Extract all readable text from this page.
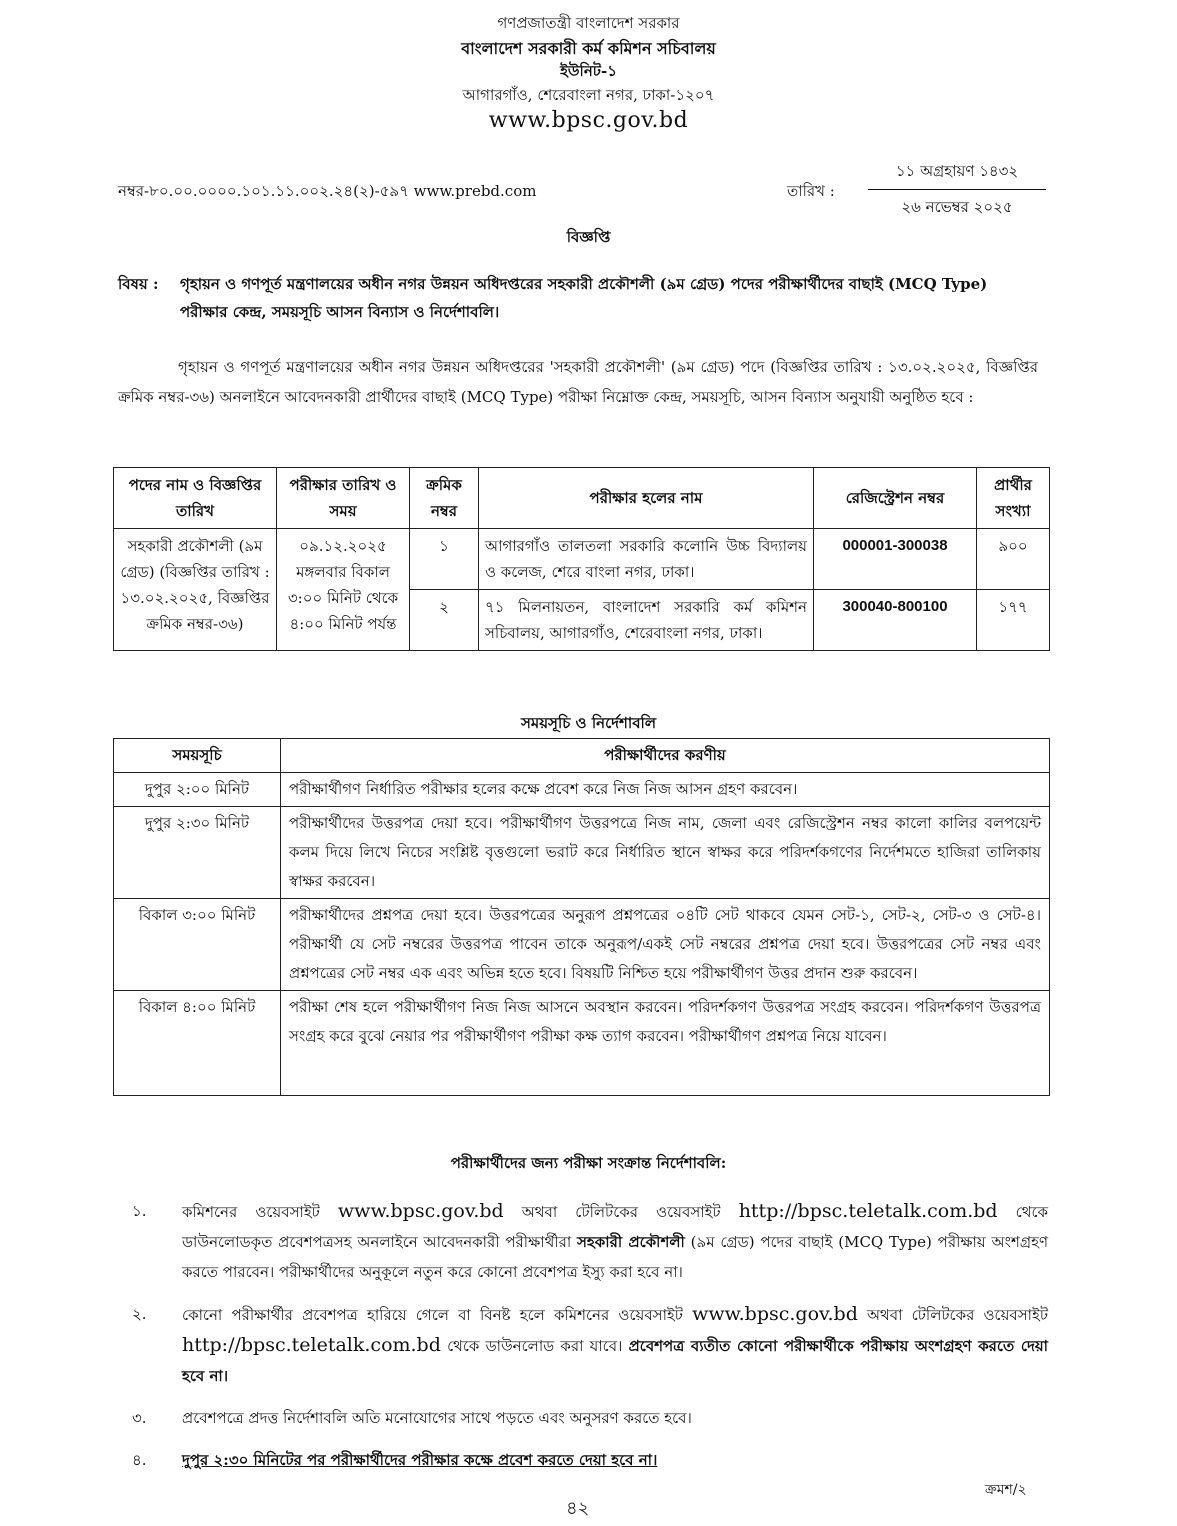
গণপ্রজাতন্ত্রী বাংলাদেশ সরকার
বাংলাদেশ সরকারী কর্ম কমিশন সচিবালয়
ইউনিট-১
আগারগাঁও, শেরেবাংলা নগর, ঢাকা-১২০৭
www.bpsc.gov.bd
নম্বর-৮০.০০.০০০০.১০১.১১.০০২.২৪(২)-৫৯৭ www.prebd.com	তারিখ :
১১ অগ্রহায়ণ ১৪৩২
২৬ নভেম্বর ২০২৫
বিজ্ঞপ্তি
বিষয় :	গৃহায়ন ও গণপূর্ত মন্ত্রণালয়ের অধীন নগর উন্নয়ন অধিদপ্তরের সহকারী প্রকৌশলী (৯ম গ্রেড) পদের পরীক্ষার্থীদের বাছাই (MCQ Type) পরীক্ষার কেন্দ্র, সময়সূচি আসন বিন্যাস ও নির্দেশাবলি।
গৃহায়ন ও গণপূর্ত মন্ত্রণালয়ের অধীন নগর উন্নয়ন অধিদপ্তরের 'সহকারী প্রকৌশলী' (৯ম গ্রেড) পদে (বিজ্ঞপ্তির তারিখ : ১৩.০২.২০২৫, বিজ্ঞপ্তির ক্রমিক নম্বর-৩৬) অনলাইনে আবেদনকারী প্রার্থীদের বাছাই (MCQ Type) পরীক্ষা নিম্নোক্ত কেন্দ্র, সময়সূচি, আসন বিন্যাস অনুযায়ী অনুষ্ঠিত হবে :
পদের নাম ও বিজ্ঞপ্তির তারিখ	পরীক্ষার তারিখ ও সময়	ক্রমিক নম্বর	পরীক্ষার হলের নাম	রেজিস্ট্রেশন নম্বর	প্রার্থীর সংখ্যা
সহকারী প্রকৌশলী (৯ম গ্রেড) (বিজ্ঞপ্তির তারিখ : ১৩.০২.২০২৫, বিজ্ঞপ্তির ক্রমিক নম্বর-৩৬)	০৯.১২.২০২৫ মঙ্গলবার বিকাল ৩:০০ মিনিট থেকে ৪:০০ মিনিট পর্যন্ত	১	আগারগাঁও তালতলা সরকারি কলোনি উচ্চ বিদ্যালয় ও কলেজ, শেরে বাংলা নগর, ঢাকা।	000001-300038	৯০০
		২	৭১ মিলনায়তন, বাংলাদেশ সরকারি কর্ম কমিশন সচিবালয়, আগারগাঁও, শেরেবাংলা নগর, ঢাকা।	300040-800100	১৭৭
সময়সূচি ও নির্দেশাবলি
সময়সূচি	পরীক্ষার্থীদের করণীয়
দুপুর ২:০০ মিনিট	পরীক্ষার্থীগণ নির্ধারিত পরীক্ষার হলের কক্ষে প্রবেশ করে নিজ নিজ আসন গ্রহণ করবেন।
দুপুর ২:৩০ মিনিট	পরীক্ষার্থীদের উত্তরপত্র দেয়া হবে। পরীক্ষার্থীগণ উত্তরপত্রে নিজ নাম, জেলা এবং রেজিস্ট্রেশন নম্বর কালো কালির বলপয়েন্ট কলম দিয়ে লিখে নিচের সংশ্লিষ্ট বৃত্তগুলো ভরাট করে নির্ধারিত স্থানে স্বাক্ষর করে পরিদর্শকগণের নির্দেশমতে হাজিরা তালিকায় স্বাক্ষর করবেন।
বিকাল ৩:০০ মিনিট	পরীক্ষার্থীদের প্রশ্নপত্র দেয়া হবে। উত্তরপত্রের অনুরূপ প্রশ্নপত্রের ০৪টি সেট থাকবে যেমন সেট-১, সেট-২, সেট-৩ ও সেট-৪। পরীক্ষার্থী যে সেট নম্বরের উত্তরপত্র পাবেন তাকে অনুরূপ/একই সেট নম্বরের প্রশ্নপত্র দেয়া হবে। উত্তরপত্রের সেট নম্বর এবং প্রশ্নপত্রের সেট নম্বর এক এবং অভিন্ন হতে হবে। বিষয়টি নিশ্চিত হয়ে পরীক্ষার্থীগণ উত্তর প্রদান শুরু করবেন।
বিকাল ৪:০০ মিনিট	পরীক্ষা শেষ হলে পরীক্ষার্থীগণ নিজ নিজ আসনে অবস্থান করবেন। পরিদর্শকগণ উত্তরপত্র সংগ্রহ করবেন। পরিদর্শকগণ উত্তরপত্র সংগ্রহ করে বুঝে নেয়ার পর পরীক্ষার্থীগণ পরীক্ষা কক্ষ ত্যাগ করবেন। পরীক্ষার্থীগণ প্রশ্নপত্র নিয়ে যাবেন।
পরীক্ষার্থীদের জন্য পরীক্ষা সংক্রান্ত নির্দেশাবলি:
১.	কমিশনের ওয়েবসাইট www.bpsc.gov.bd অথবা টেলিটকের ওয়েবসাইট http://bpsc.teletalk.com.bd থেকে ডাউনলোডকৃত প্রবেশপত্রসহ অনলাইনে আবেদনকারী পরীক্ষার্থীরা সহকারী প্রকৌশলী (৯ম গ্রেড) পদের বাছাই (MCQ Type) পরীক্ষায় অংশগ্রহণ করতে পারবেন। পরীক্ষার্থীদের অনুকূলে নতুন করে কোনো প্রবেশপত্র ইস্যু করা হবে না।
২.	কোনো পরীক্ষার্থীর প্রবেশপত্র হারিয়ে গেলে বা বিনষ্ট হলে কমিশনের ওয়েবসাইট www.bpsc.gov.bd অথবা টেলিটকের ওয়েবসাইট http://bpsc.teletalk.com.bd থেকে ডাউনলোড করা যাবে। প্রবেশপত্র ব্যতীত কোনো পরীক্ষার্থীকে পরীক্ষায় অংশগ্রহণ করতে দেয়া হবে না।
৩.	প্রবেশপত্রে প্রদত্ত নির্দেশাবলি অতি মনোযোগের সাথে পড়তে এবং অনুসরণ করতে হবে।
৪.	দুপুর ২:৩০ মিনিটের পর পরীক্ষার্থীদের পরীক্ষার কক্ষে প্রবেশ করতে দেয়া হবে না।
ক্রমশ/২
৪২
